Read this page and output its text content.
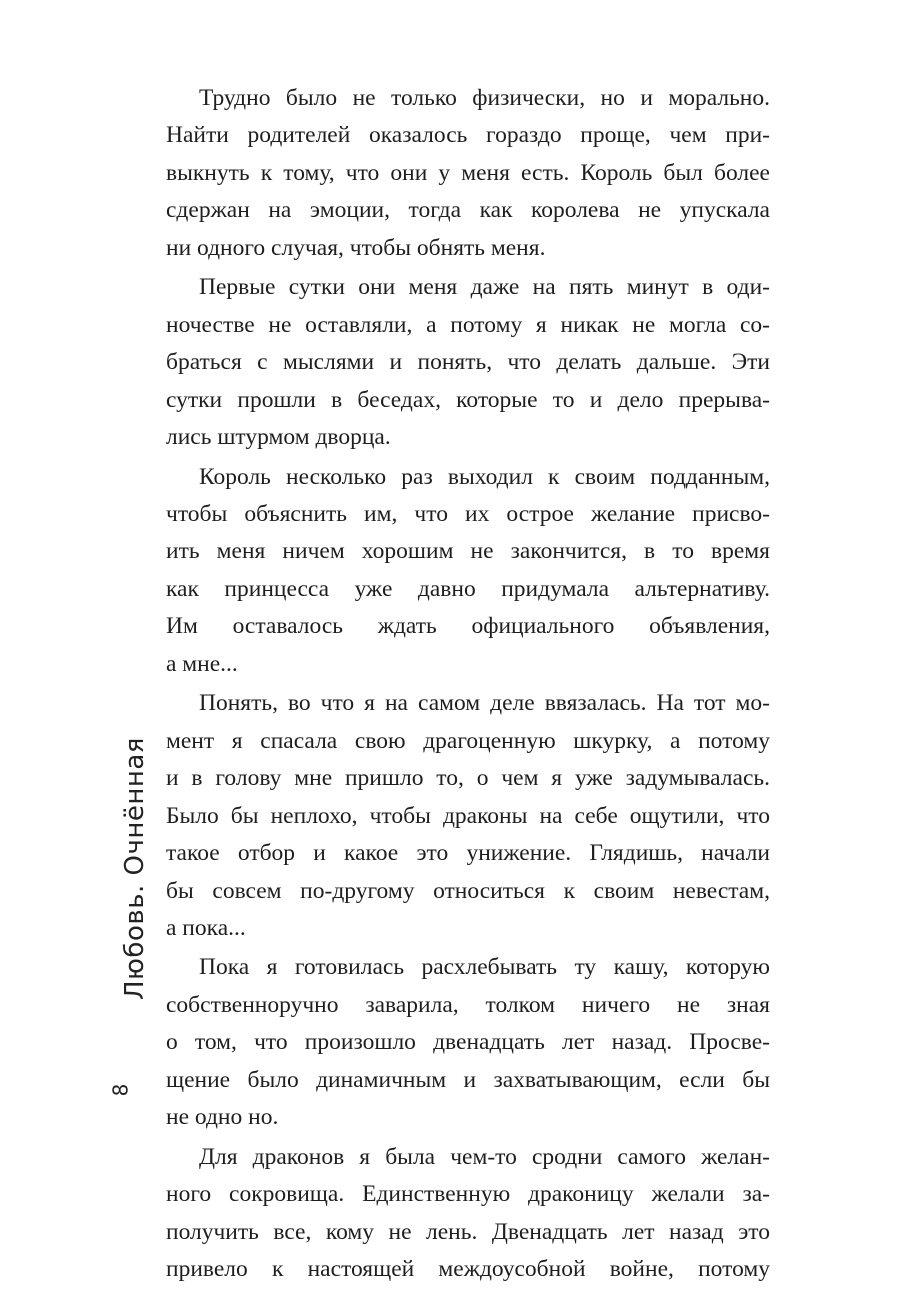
Трудно было не только физически, но и морально.
Найти родителей оказалось гораздо проще, чем при-
выкнуть к тому, что они у меня есть. Король был более
сдержан на эмоции, тогда как королева не упускала
ни одного случая, чтобы обнять меня.
Первые сутки они меня даже на пять минут в оди-
ночестве не оставляли, а потому я никак не могла со-
браться с мыслями и понять, что делать дальше. Эти
сутки прошли в беседах, которые то и дело прерыва-
лись штурмом дворца.
Король несколько раз выходил к своим подданным,
чтобы объяснить им, что их острое желание присво-
ить меня ничем хорошим не закончится, в то время
как принцесса уже давно придумала альтернативу.
Им оставалось ждать официального объявления,
а мне...
Понять, во что я на самом деле ввязалась. На тот мо-
мент я спасала свою драгоценную шкурку, а потому
и в голову мне пришло то, о чем я уже задумывалась.
Было бы неплохо, чтобы драконы на себе ощутили, что
такое отбор и какое это унижение. Глядишь, начали
бы совсем по-другому относиться к своим невестам,
а пока...
Пока я готовилась расхлебывать ту кашу, которую
собственноручно заварила, толком ничего не зная
о том, что произошло двенадцать лет назад. Просве-
щение было динамичным и захватывающим, если бы
не одно но.
Для драконов я была чем-то сродни самого желан-
ного сокровища. Единственную драконицу желали за-
получить все, кому не лень. Двенадцать лет назад это
привело к настоящей междоусобной войне, потому
Любовь. Очнённая
8
